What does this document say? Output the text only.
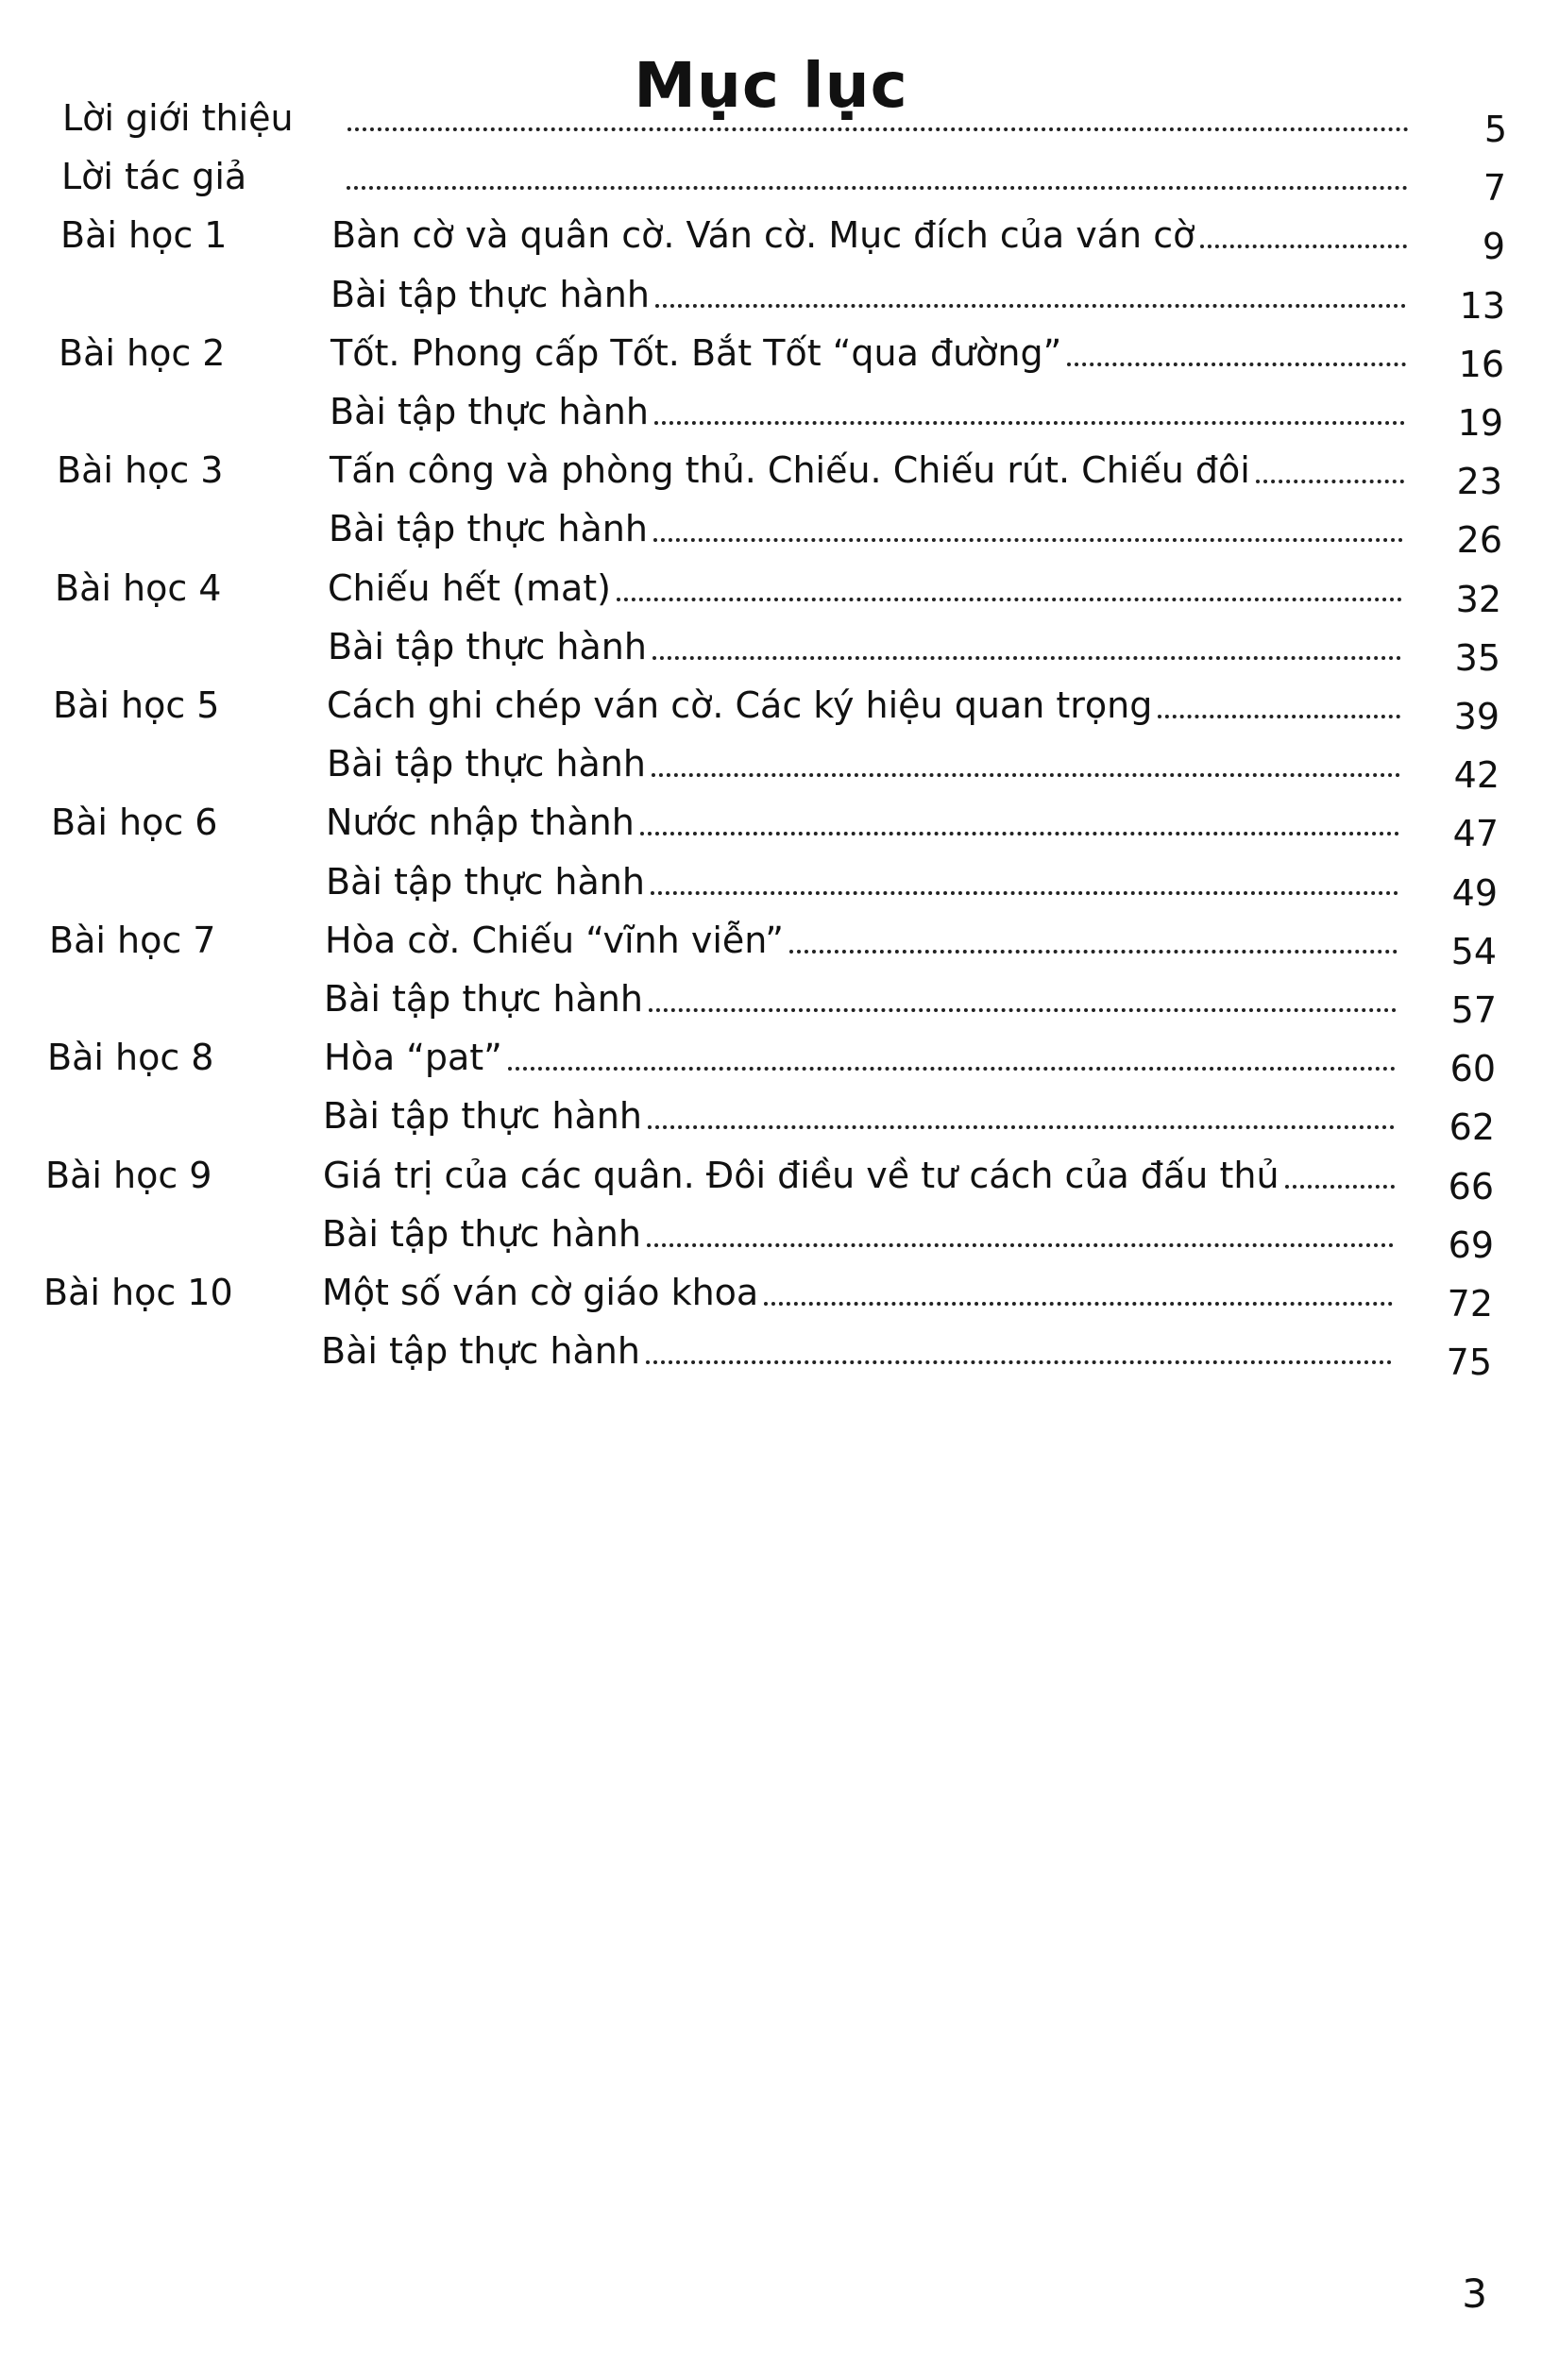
Mục lục
Lời giới thiệu	5
Lời tác giả	7
Bài học 1	Bàn cờ và quân cờ. Ván cờ. Mục đích của ván cờ	9
Bài tập thực hành	13
Bài học 2	Tốt. Phong cấp Tốt. Bắt Tốt “qua đường”	16
Bài tập thực hành	19
Bài học 3	Tấn công và phòng thủ. Chiếu. Chiếu rút. Chiếu đôi	23
Bài tập thực hành	26
Bài học 4	Chiếu hết (mat)	32
Bài tập thực hành	35
Bài học 5	Cách ghi chép ván cờ. Các ký hiệu quan trọng	39
Bài tập thực hành	42
Bài học 6	Nước nhập thành	47
Bài tập thực hành	49
Bài học 7	Hòa cờ. Chiếu “vĩnh viễn”	54
Bài tập thực hành	57
Bài học 8	Hòa “pat”	60
Bài tập thực hành	62
Bài học 9	Giá trị của các quân. Đôi điều về tư cách của đấu thủ	66
Bài tập thực hành	69
Bài học 10 Một số ván cờ giáo khoa	72
Bài tập thực hành	75
3
